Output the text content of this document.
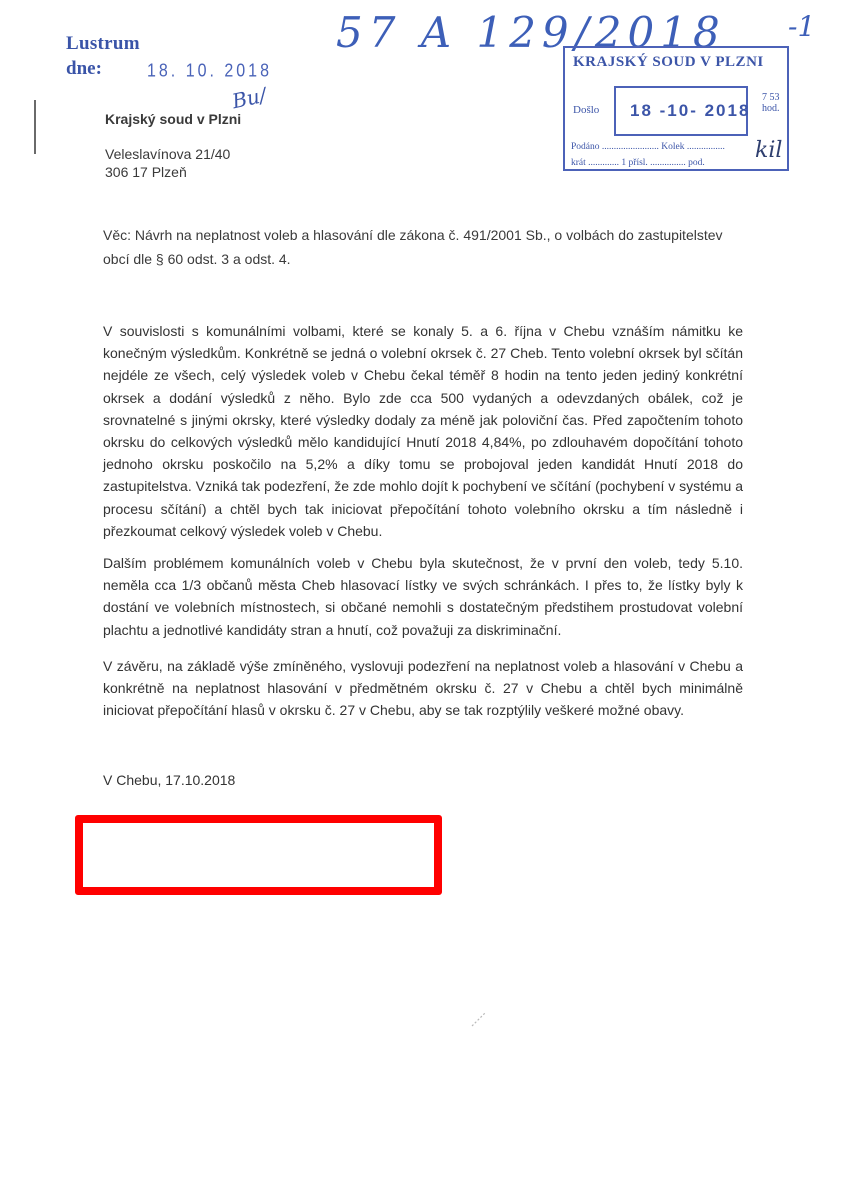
Lustrum
dne:	18. 10. 2018
57 A 129/2018 -1
KRAJSKÝ SOUD V PLZNI
Došlo 18 -10- 2018
7 53
hod.
Podáno ........................ Kolek ................
krát ............. 1 přísl. ............... pod. kil
Krajský soud v Plzni
Bu/
Veleslavínova 21/40
306 17 Plzeň
Věc: Návrh na neplatnost voleb a hlasování dle zákona č. 491/2001 Sb., o volbách do zastupitelstev obcí dle § 60 odst. 3 a odst. 4.
V souvislosti s komunálními volbami, které se konaly 5. a 6. října v Chebu vznáším námitku ke konečným výsledkům. Konkrétně se jedná o volební okrsek č. 27 Cheb. Tento volební okrsek byl sčítán nejdéle ze všech, celý výsledek voleb v Chebu čekal téměř 8 hodin na tento jeden jediný konkrétní okrsek a dodání výsledků z něho. Bylo zde cca 500 vydaných a odevzdaných obálek, což je srovnatelné s jinými okrsky, které výsledky dodaly za méně jak poloviční čas. Před započtením tohoto okrsku do celkových výsledků mělo kandidující Hnutí 2018 4,84%, po zdlouhavém dopočítání tohoto jednoho okrsku poskočilo na 5,2% a díky tomu se probojoval jeden kandidát Hnutí 2018 do zastupitelstva. Vzniká tak podezření, že zde mohlo dojít k pochybení ve sčítání (pochybení v systému a procesu sčítání) a chtěl bych tak iniciovat přepočítání tohoto volebního okrsku a tím následně i přezkoumat celkový výsledek voleb v Chebu.
Dalším problémem komunálních voleb v Chebu byla skutečnost, že v první den voleb, tedy 5.10. neměla cca 1/3 občanů města Cheb hlasovací lístky ve svých schránkách. I přes to, že lístky byly k dostání ve volebních místnostech, si občané nemohli s dostatečným předstihem prostudovat volební plachtu a jednotlivé kandidáty stran a hnutí, což považuji za diskriminační.
V závěru, na základě výše zmíněného, vyslovuji podezření na neplatnost voleb a hlasování v Chebu a konkrétně na neplatnost hlasování v předmětném okrsku č. 27 v Chebu a chtěl bych minimálně iniciovat přepočítání hlasů v okrsku č. 27 v Chebu, aby se tak rozptýlily veškeré možné obavy.
V Chebu, 17.10.2018
